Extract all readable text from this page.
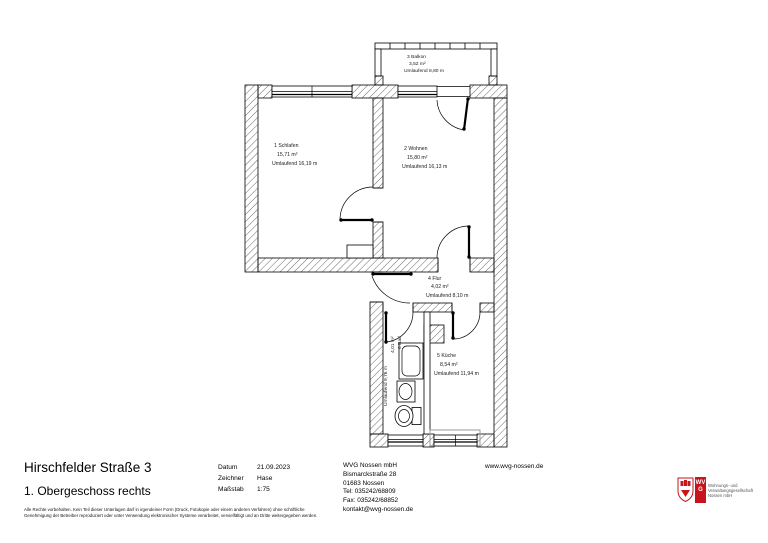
1 Schlafen
15,71 m²
Umlaufend 16,19 m
2 Wohnen
15,80 m²
Umlaufend 16,13 m
3 Balkon
3,52 m²
Umlaufend 8,80 m
4 Flur
4,02 m²
Umlaufend 8,10 m
5 Küche
8,54 m²
Umlaufend 11,94 m
6 Bad
4,01 m²
Umlaufend 9,76 m
Hirschfelder Straße 3
1. Obergeschoss rechts
Alle Rechte vorbehalten. Kein Teil dieser Unterlagen darf in irgendeiner Form (Druck, Fotokopie oder einem anderen Verfahren) ohne schriftliche Genehmigung der Betreiber reproduziert oder unter Verwendung elektronischer Systeme verarbeitet, vervielfältigt und an Dritte weitergegeben werden.
Datum	21.09.2023
Zeichner	Hase
Maßstab	1:75
WVG Nossen mbH
Bismarckstraße 28
01683 Nossen
Tel: 035242/68809
Fax: 035242/68852
kontakt@wvg-nossen.de
www.wvg-nossen.de
WVG
Wohnungs- und
Verwaltungsgesellschaft
Nossen mbH
